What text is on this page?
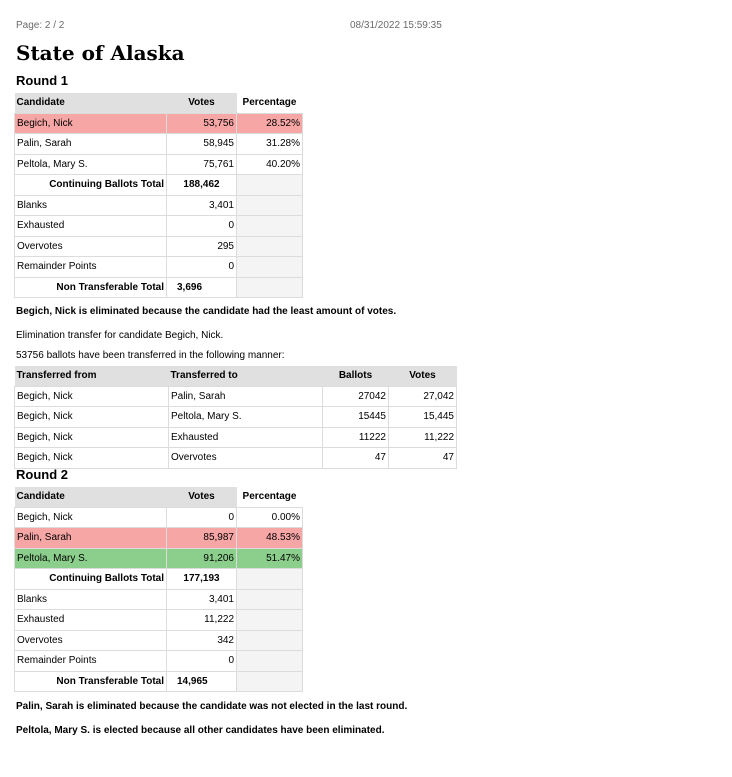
Page: 2 / 2	08/31/2022 15:59:35
State of Alaska
Round 1
Candidate	Votes	Percentage
Begich, Nick	53,756	28.52%
Palin, Sarah	58,945	31.28%
Peltola, Mary S.	75,761	40.20%
Continuing Ballots Total	188,462	
Blanks	3,401	
Exhausted	0	
Overvotes	295	
Remainder Points	0	
Non Transferable Total	3,696	

Begich, Nick is eliminated because the candidate had the least amount of votes.

Elimination transfer for candidate Begich, Nick.

53756 ballots have been transferred in the following manner:

Transferred from	Transferred to	Ballots	Votes
Begich, Nick	Palin, Sarah	27042	27,042
Begich, Nick	Peltola, Mary S.	15445	15,445
Begich, Nick	Exhausted	11222	11,222
Begich, Nick	Overvotes	47	47
Round 2
Candidate	Votes	Percentage
Begich, Nick	0	0.00%
Palin, Sarah	85,987	48.53%
Peltola, Mary S.	91,206	51.47%
Continuing Ballots Total	177,193	
Blanks	3,401	
Exhausted	11,222	
Overvotes	342	
Remainder Points	0	
Non Transferable Total	14,965	

Palin, Sarah is eliminated because the candidate was not elected in the last round.

Peltola, Mary S. is elected because all other candidates have been eliminated.
